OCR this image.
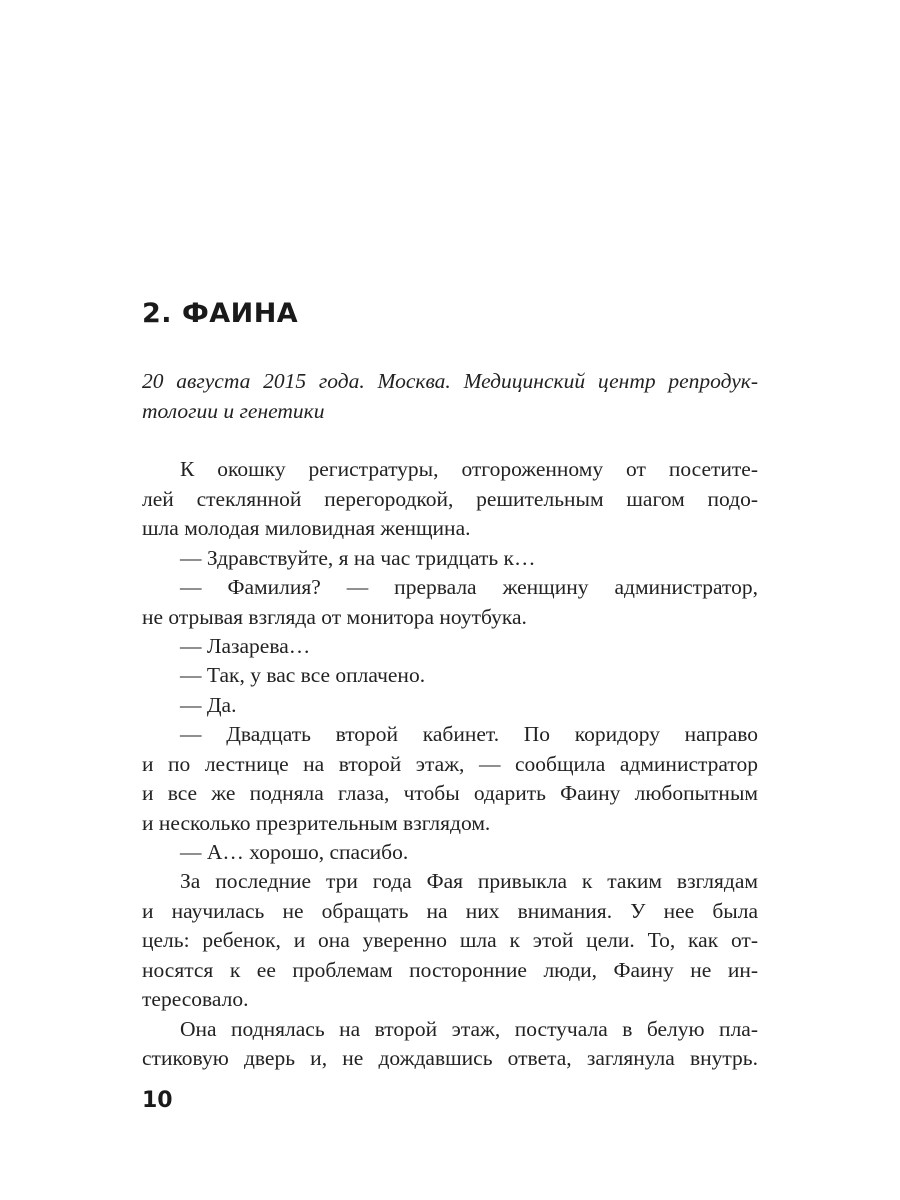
2. ФАИНА
20 августа 2015 года. Москва. Медицинский центр репродук-
тологии и генетики
К окошку регистратуры, отгороженному от посетите-
лей стеклянной перегородкой, решительным шагом подо-
шла молодая миловидная женщина.
— Здравствуйте, я на час тридцать к…
— Фамилия? — прервала женщину администратор,
не отрывая взгляда от монитора ноутбука.
— Лазарева…
— Так, у вас все оплачено.
— Да.
— Двадцать второй кабинет. По коридору направо
и по лестнице на второй этаж, — сообщила администратор
и все же подняла глаза, чтобы одарить Фаину любопытным
и несколько презрительным взглядом.
— А… хорошо, спасибо.
За последние три года Фая привыкла к таким взглядам
и научилась не обращать на них внимания. У нее была
цель: ребенок, и она уверенно шла к этой цели. То, как от-
носятся к ее проблемам посторонние люди, Фаину не ин-
тересовало.
Она поднялась на второй этаж, постучала в белую пла-
стиковую дверь и, не дождавшись ответа, заглянула внутрь.
10
